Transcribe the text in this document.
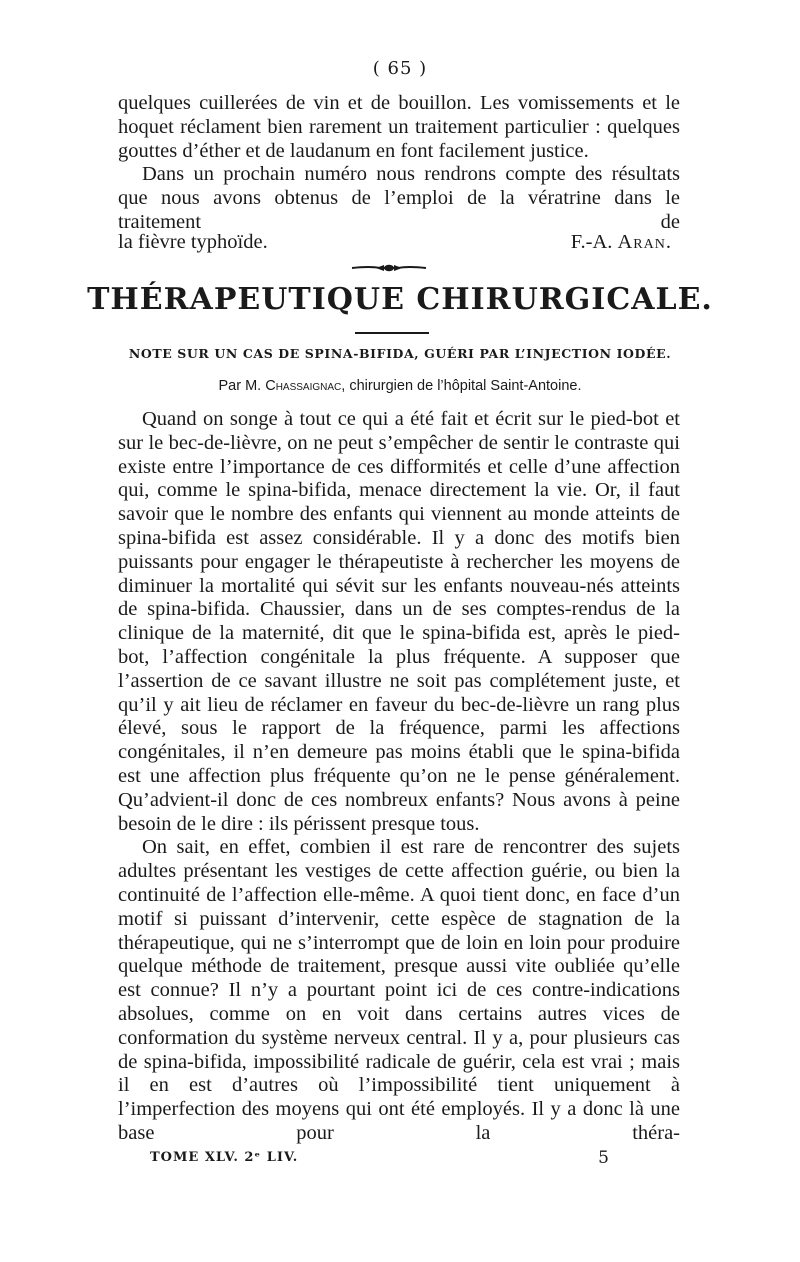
( 65 )

quelques cuillerées de vin et de bouillon. Les vomissements et le hoquet réclament bien rarement un traitement particulier : quelques gouttes d’éther et de laudanum en font facilement justice.

Dans un prochain numéro nous rendrons compte des résultats que nous avons obtenus de l’emploi de la vératrine dans le traitement de

la fièvre typhoïde.	F.-A. Aran.
THÉRAPEUTIQUE CHIRURGICALE.
NOTE SUR UN CAS DE SPINA-BIFIDA, GUÉRI PAR L’INJECTION IODÉE.
Par M. Chassaignac, chirurgien de l’hôpital Saint-Antoine.

Quand on songe à tout ce qui a été fait et écrit sur le pied-bot et sur le bec-de-lièvre, on ne peut s’empêcher de sentir le contraste qui existe entre l’importance de ces difformités et celle d’une affection qui, comme le spina-bifida, menace directement la vie. Or, il faut savoir que le nombre des enfants qui viennent au monde atteints de spina-bifida est assez considérable. Il y a donc des motifs bien puissants pour engager le thérapeutiste à rechercher les moyens de diminuer la mortalité qui sévit sur les enfants nouveau-nés atteints de spina-bifida. Chaussier, dans un de ses comptes-rendus de la clinique de la maternité, dit que le spina-bifida est, après le pied-bot, l’affection congénitale la plus fréquente. A supposer que l’assertion de ce savant illustre ne soit pas complétement juste, et qu’il y ait lieu de réclamer en faveur du bec-de-lièvre un rang plus élevé, sous le rapport de la fréquence, parmi les affections congénitales, il n’en demeure pas moins établi que le spina-bifida est une affection plus fréquente qu’on ne le pense généralement. Qu’advient-il donc de ces nombreux enfants? Nous avons à peine besoin de le dire : ils périssent presque tous.

On sait, en effet, combien il est rare de rencontrer des sujets adultes présentant les vestiges de cette affection guérie, ou bien la continuité de l’affection elle-même. A quoi tient donc, en face d’un motif si puissant d’intervenir, cette espèce de stagnation de la thérapeutique, qui ne s’interrompt que de loin en loin pour produire quelque méthode de traitement, presque aussi vite oubliée qu’elle est connue? Il n’y a pourtant point ici de ces contre-indications absolues, comme on en voit dans certains autres vices de conformation du système nerveux central. Il y a, pour plusieurs cas de spina-bifida, impossibilité radicale de guérir, cela est vrai ; mais il en est d’autres où l’impossibilité tient uniquement à l’imperfection des moyens qui ont été employés. Il y a donc là une base pour la théra-

TOME XLV. 2ᵉ LIV.	5
